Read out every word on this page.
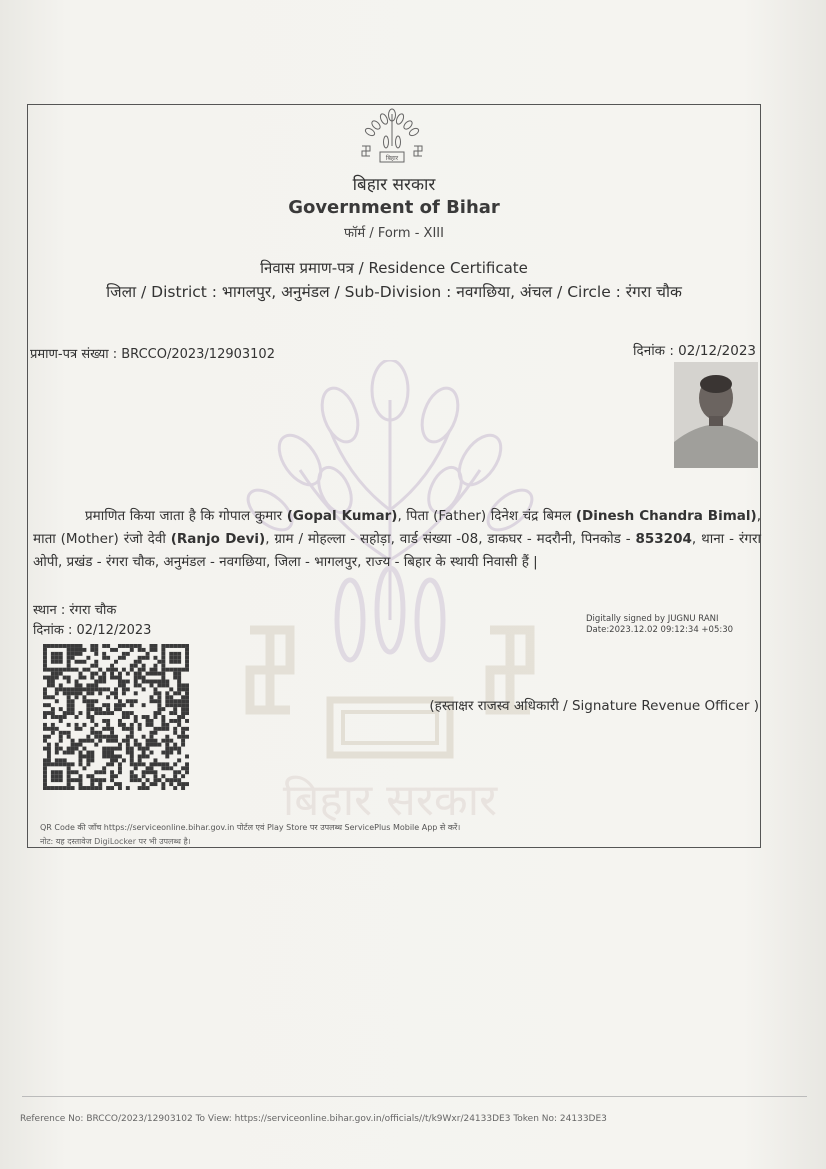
बिहार सरकार
बिहार
बिहार सरकार
Government of Bihar
फॉर्म / Form - XIII
निवास प्रमाण-पत्र / Residence Certificate
जिला / District : भागलपुर, अनुमंडल / Sub-Division : नवगछिया, अंचल / Circle : रंगरा चौक
प्रमाण-पत्र संख्या : BRCCO/2023/12903102	दिनांक : 02/12/2023
प्रमाणित किया जाता है कि गोपाल कुमार (Gopal Kumar), पिता (Father) दिनेश चंद्र बिमल (Dinesh Chandra Bimal), माता (Mother) रंजो देवी (Ranjo Devi), ग्राम / मोहल्ला - सहोड़ा, वार्ड संख्या -08, डाकघर - मदरौनी, पिनकोड - 853204, थाना - रंगरा ओपी, प्रखंड - रंगरा चौक, अनुमंडल - नवगछिया, जिला - भागलपुर, राज्य - बिहार के स्थायी निवासी हैं |
स्थान : रंगरा चौक
दिनांक : 02/12/2023
Digitally signed by JUGNU RANI
Date:2023.12.02 09:12:34 +05:30
(हस्ताक्षर राजस्व अधिकारी / Signature Revenue Officer )
QR Code की जाँच https://serviceonline.bihar.gov.in पोर्टल एवं Play Store पर उपलब्ध ServicePlus Mobile App से करें।
नोट: यह दस्तावेज DigiLocker पर भी उपलब्ध है।
Reference No: BRCCO/2023/12903102 To View: https://serviceonline.bihar.gov.in/officials//t/k9Wxr/24133DE3 Token No: 24133DE3
